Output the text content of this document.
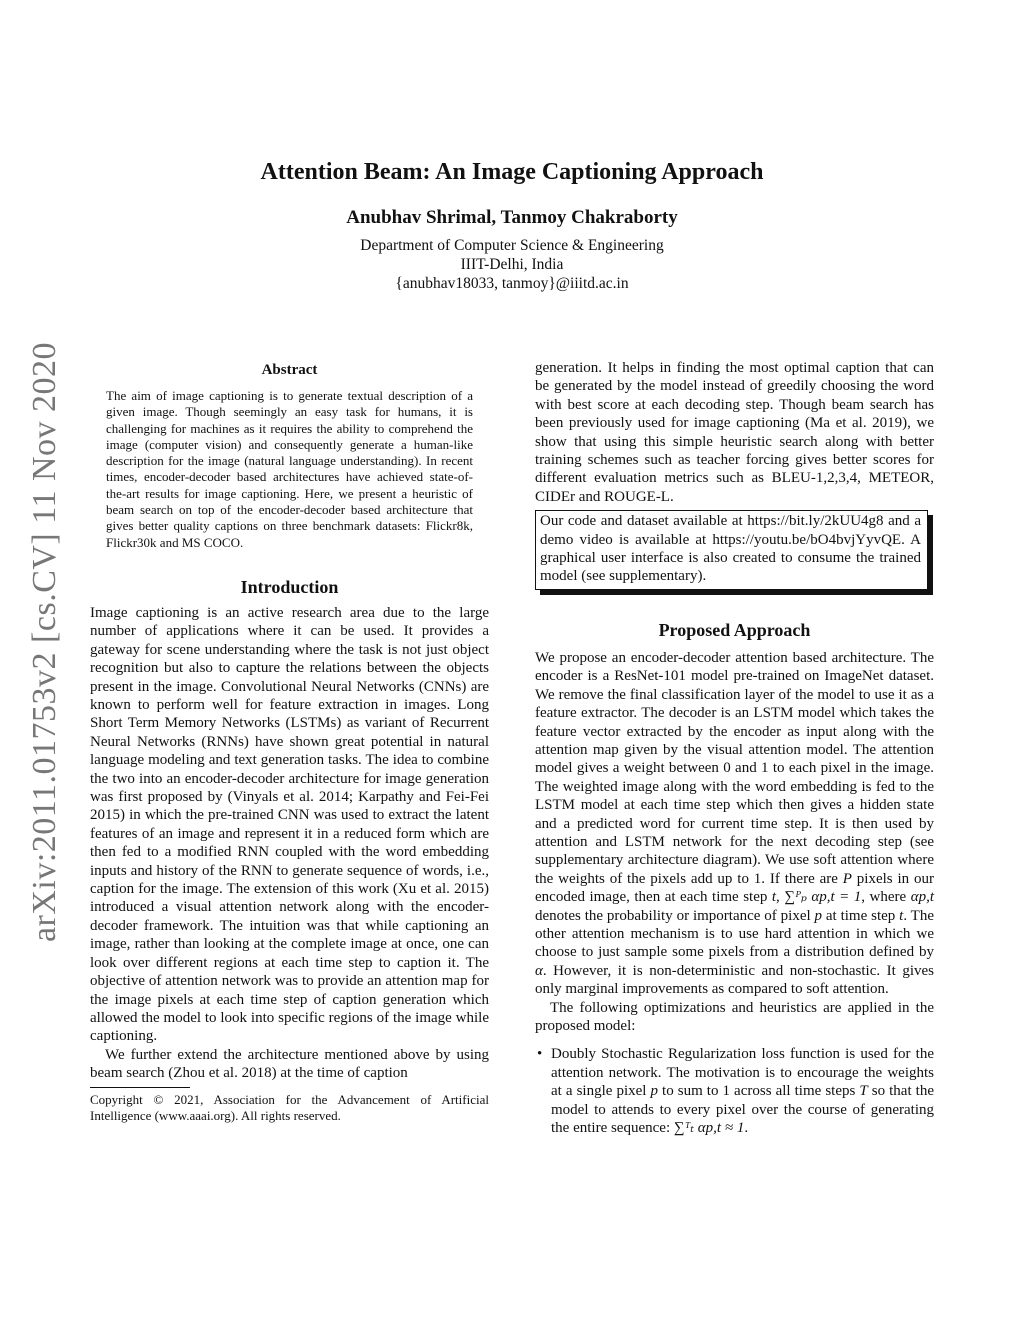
arXiv:2011.01753v2 [cs.CV] 11 Nov 2020
Attention Beam: An Image Captioning Approach
Anubhav Shrimal, Tanmoy Chakraborty
Department of Computer Science & Engineering
IIIT-Delhi, India
{anubhav18033, tanmoy}@iiitd.ac.in
Abstract

The aim of image captioning is to generate textual description of a given image. Though seemingly an easy task for humans, it is challenging for machines as it requires the ability to comprehend the image (computer vision) and consequently generate a human-like description for the image (natural language understanding). In recent times, encoder-decoder based architectures have achieved state-of-the-art results for image captioning. Here, we present a heuristic of beam search on top of the encoder-decoder based architecture that gives better quality captions on three benchmark datasets: Flickr8k, Flickr30k and MS COCO.

Introduction

Image captioning is an active research area due to the large number of applications where it can be used. It provides a gateway for scene understanding where the task is not just object recognition but also to capture the relations between the objects present in the image. Convolutional Neural Networks (CNNs) are known to perform well for feature extraction in images. Long Short Term Memory Networks (LSTMs) as variant of Recurrent Neural Networks (RNNs) have shown great potential in natural language modeling and text generation tasks. The idea to combine the two into an encoder-decoder architecture for image generation was first proposed by (Vinyals et al. 2014; Karpathy and Fei-Fei 2015) in which the pre-trained CNN was used to extract the latent features of an image and represent it in a reduced form which are then fed to a modified RNN coupled with the word embedding inputs and history of the RNN to generate sequence of words, i.e., caption for the image. The extension of this work (Xu et al. 2015) introduced a visual attention network along with the encoder-decoder framework. The intuition was that while captioning an image, rather than looking at the complete image at once, one can look over different regions at each time step to caption it. The objective of attention network was to provide an attention map for the image pixels at each time step of caption generation which allowed the model to look into specific regions of the image while captioning.

We further extend the architecture mentioned above by using beam search (Zhou et al. 2018) at the time of caption

Copyright © 2021, Association for the Advancement of Artificial Intelligence (www.aaai.org). All rights reserved.

generation. It helps in finding the most optimal caption that can be generated by the model instead of greedily choosing the word with best score at each decoding step. Though beam search has been previously used for image captioning (Ma et al. 2019), we show that using this simple heuristic search along with better training schemes such as teacher forcing gives better scores for different evaluation metrics such as BLEU-1,2,3,4, METEOR, CIDEr and ROUGE-L.

Our code and dataset available at https://bit.ly/2kUU4g8 and a demo video is available at https://youtu.be/bO4bvjYyvQE. A graphical user interface is also created to consume the trained model (see supplementary).
Proposed Approach

We propose an encoder-decoder attention based architecture. The encoder is a ResNet-101 model pre-trained on ImageNet dataset. We remove the final classification layer of the model to use it as a feature extractor. The decoder is an LSTM model which takes the feature vector extracted by the encoder as input along with the attention map given by the visual attention model. The attention model gives a weight between 0 and 1 to each pixel in the image. The weighted image along with the word embedding is fed to the LSTM model at each time step which then gives a hidden state and a predicted word for current time step. It is then used by attention and LSTM network for the next decoding step (see supplementary architecture diagram). We use soft attention where the weights of the pixels add up to 1. If there are P pixels in our encoded image, then at each time step t, ∑ᴾₚ αp,t = 1, where αp,t denotes the probability or importance of pixel p at time step t. The other attention mechanism is to use hard attention in which we choose to just sample some pixels from a distribution defined by α. However, it is non-deterministic and non-stochastic. It gives only marginal improvements as compared to soft attention.

The following optimizations and heuristics are applied in the proposed model:

• Doubly Stochastic Regularization loss function is used for the attention network. The motivation is to encourage the weights at a single pixel p to sum to 1 across all time steps T so that the model to attends to every pixel over the course of generating the entire sequence: ∑ᵀₜ αp,t ≈ 1.
